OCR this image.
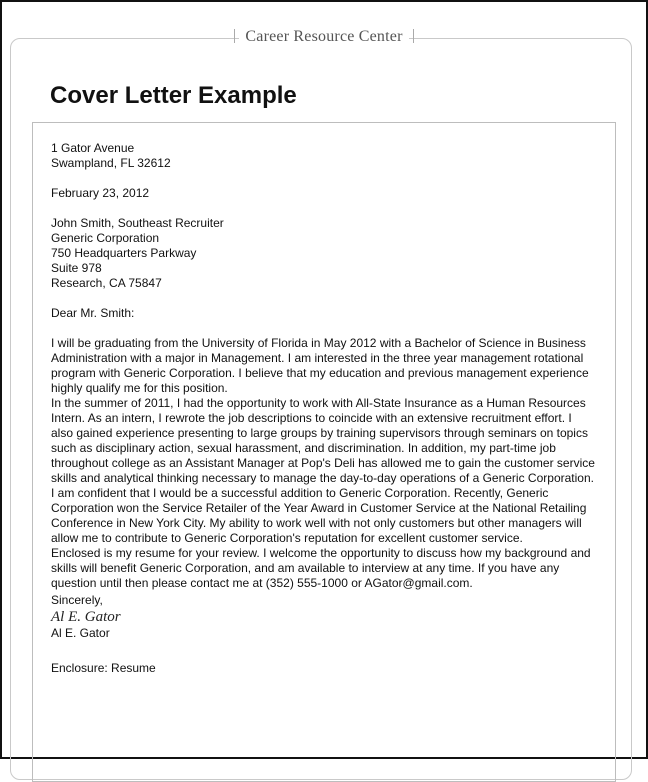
Career Resource Center
Cover Letter Example

1 Gator Avenue

Swampland, FL 32612

February 23, 2012

John Smith, Southeast Recruiter

Generic Corporation

750 Headquarters Parkway

Suite 978

Research, CA 75847

Dear Mr. Smith:

I will be graduating from the University of Florida in May 2012 with a Bachelor of Science in Business Administration with a major in Management. I am interested in the three year management rotational program with Generic Corporation. I believe that my education and previous management experience highly qualify me for this position.

In the summer of 2011, I had the opportunity to work with All-State Insurance as a Human Resources Intern. As an intern, I rewrote the job descriptions to coincide with an extensive recruitment effort. I also gained experience presenting to large groups by training supervisors through seminars on topics such as disciplinary action, sexual harassment, and discrimination. In addition, my part-time job throughout college as an Assistant Manager at Pop's Deli has allowed me to gain the customer service skills and analytical thinking necessary to manage the day-to-day operations of a Generic Corporation.

I am confident that I would be a successful addition to Generic Corporation. Recently, Generic Corporation won the Service Retailer of the Year Award in Customer Service at the National Retailing Conference in New York City. My ability to work well with not only customers but other managers will allow me to contribute to Generic Corporation's reputation for excellent customer service.

Enclosed is my resume for your review. I welcome the opportunity to discuss how my background and skills will benefit Generic Corporation, and am available to interview at any time. If you have any question until then please contact me at (352) 555-1000 or AGator@gmail.com.

Sincerely,

Al E. Gator

Al E. Gator

Enclosure: Resume
